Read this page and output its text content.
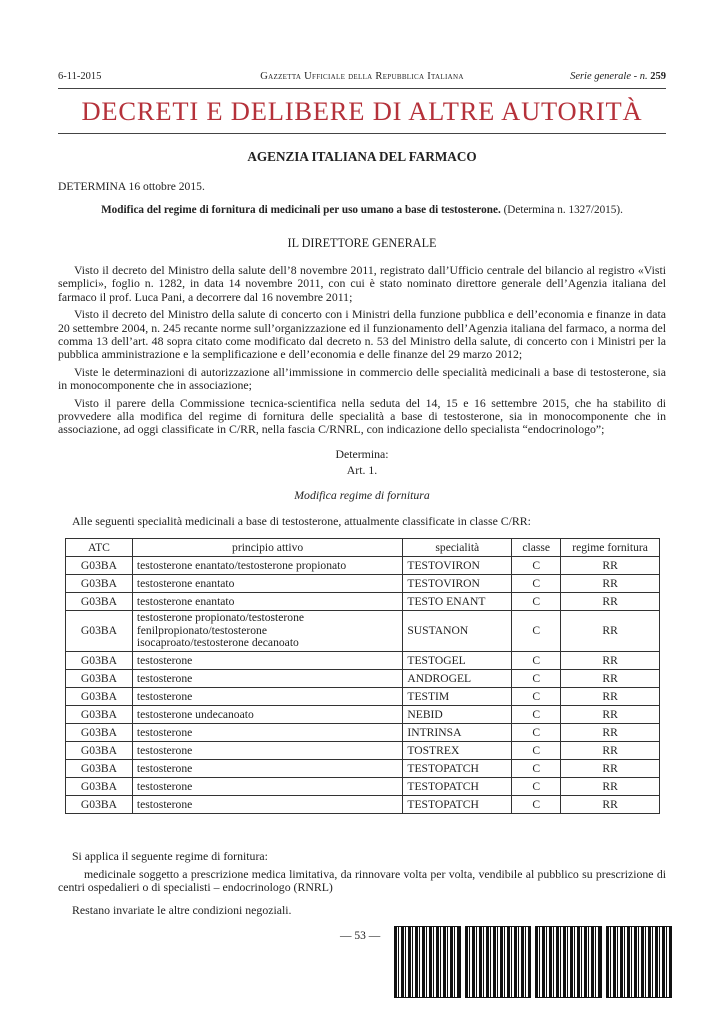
6-11-2015	Gazzetta Ufficiale della Repubblica Italiana	Serie generale - n. 259
DECRETI E DELIBERE DI ALTRE AUTORITÀ
AGENZIA ITALIANA DEL FARMACO
DETERMINA 16 ottobre 2015.
Modifica del regime di fornitura di medicinali per uso umano a base di testosterone. (Determina n. 1327/2015).
IL DIRETTORE GENERALE

Visto il decreto del Ministro della salute dell’8 novembre 2011, registrato dall’Ufficio centrale del bilancio al registro «Visti semplici», foglio n. 1282, in data 14 novembre 2011, con cui è stato nominato direttore generale dell’Agenzia italiana del farmaco il prof. Luca Pani, a decorrere dal 16 novembre 2011;

Visto il decreto del Ministro della salute di concerto con i Ministri della funzione pubblica e dell’economia e finanze in data 20 settembre 2004, n. 245 recante norme sull’organizzazione ed il funzionamento dell’Agenzia italiana del farmaco, a norma del comma 13 dell’art. 48 sopra citato come modificato dal decreto n. 53 del Ministro della salute, di concerto con i Ministri per la pubblica amministrazione e la semplificazione e dell’economia e delle finanze del 29 marzo 2012;

Viste le determinazioni di autorizzazione all’immissione in commercio delle specialità medicinali a base di testosterone, sia in monocomponente che in associazione;

Visto il parere della Commissione tecnica-scientifica nella seduta del 14, 15 e 16 settembre 2015, che ha stabilito di provvedere alla modifica del regime di fornitura delle specialità a base di testosterone, sia in monocomponente che in associazione, ad oggi classificate in C/RR, nella fascia C/RNRL, con indicazione dello specialista “endocrinologo”;

Determina:
Art. 1.
Modifica regime di fornitura
Alle seguenti specialità medicinali a base di testosterone, attualmente classificate in classe C/RR:
ATC	principio attivo	specialità	classe	regime fornitura
G03BA	testosterone enantato/testosterone propionato	TESTOVIRON	C	RR
G03BA	testosterone enantato	TESTOVIRON	C	RR
G03BA	testosterone enantato	TESTO ENANT	C	RR
G03BA	testosterone propionato/testosterone
fenilpropionato/testosterone
isocaproato/testosterone decanoato	SUSTANON	C	RR
G03BA	testosterone	TESTOGEL	C	RR
G03BA	testosterone	ANDROGEL	C	RR
G03BA	testosterone	TESTIM	C	RR
G03BA	testosterone undecanoato	NEBID	C	RR
G03BA	testosterone	INTRINSA	C	RR
G03BA	testosterone	TOSTREX	C	RR
G03BA	testosterone	TESTOPATCH	C	RR
G03BA	testosterone	TESTOPATCH	C	RR
G03BA	testosterone	TESTOPATCH	C	RR
Si applica il seguente regime di fornitura:
medicinale soggetto a prescrizione medica limitativa, da rinnovare volta per volta, vendibile al pubblico su prescrizione di centri ospedalieri o di specialisti – endocrinologo (RNRL)
Restano invariate le altre condizioni negoziali.
— 53 —
